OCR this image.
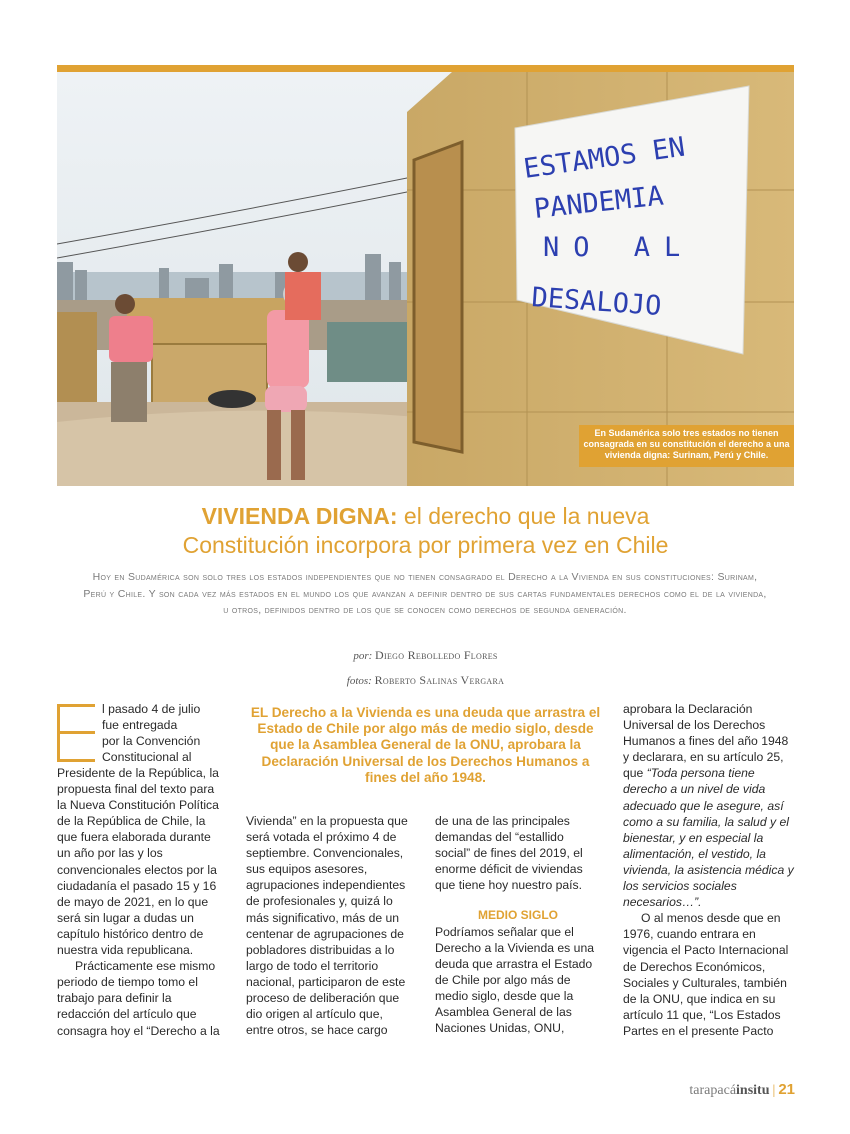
ESTAMOS EN
PANDEMIA
NO AL
DESALOJO
En Sudamérica solo tres estados no tienen consagrada en su constitución el derecho a una vivienda digna: Surinam, Perú y Chile.
VIVIENDA DIGNA: el derecho que la nueva
Constitución incorpora por primera vez en Chile
Hoy en Sudamérica son solo tres los estados independientes que no tienen consagrado el Derecho a la Vivienda en sus constituciones: Surinam, Perú y Chile. Y son cada vez más estados en el mundo los que avanzan a definir dentro de sus cartas fundamentales derechos como el de la vivienda, u otros, definidos dentro de los que se conocen como derechos de segunda generación.
por: Diego Rebolledo Flores
fotos: Roberto Salinas Vergara
l pasado 4 de julio
fue entregada
por la Convención
Constitucional al

Presidente de la República, la propuesta final del texto para la Nueva Constitución Política de la República de Chile, la que fuera elaborada durante un año por las y los convencionales electos por la ciudadanía el pasado 15 y 16 de mayo de 2021, en lo que será sin lugar a dudas un capítulo histórico dentro de nuestra vida republicana.

Prácticamente ese mismo periodo de tiempo tomo el trabajo para definir la redacción del artículo que consagra hoy el “Derecho a la

EL Derecho a la Vivienda es una deuda que arrastra el Estado de Chile por algo más de medio siglo, desde que la Asamblea General de la ONU, aprobara la Declaración Universal de los Derechos Humanos a fines del año 1948.

Vivienda” en la propuesta que será votada el próximo 4 de septiembre. Convencionales, sus equipos asesores, agrupaciones independientes de profesionales y, quizá lo más significativo, más de un centenar de agrupaciones de pobladores distribuidas a lo largo de todo el territorio nacional, participaron de este proceso de deliberación que dio origen al artículo que, entre otros, se hace cargo

de una de las principales demandas del “estallido social” de fines del 2019, el enorme déficit de viviendas que tiene hoy nuestro país.

MEDIO SIGLO

Podríamos señalar que el Derecho a la Vivienda es una deuda que arrastra el Estado de Chile por algo más de medio siglo, desde que la Asamblea General de las Naciones Unidas, ONU,

aprobara la Declaración Universal de los Derechos Humanos a fines del año 1948 y declarara, en su artículo 25, que “Toda persona tiene derecho a un nivel de vida adecuado que le asegure, así como a su familia, la salud y el bienestar, y en especial la alimentación, el vestido, la vivienda, la asistencia médica y los servicios sociales necesarios…”.

O al menos desde que en 1976, cuando entrara en vigencia el Pacto Internacional de Derechos Económicos, Sociales y Culturales, también de la ONU, que indica en su artículo 11 que, “Los Estados Partes en el presente Pacto

tarapacáinsitu | 21
